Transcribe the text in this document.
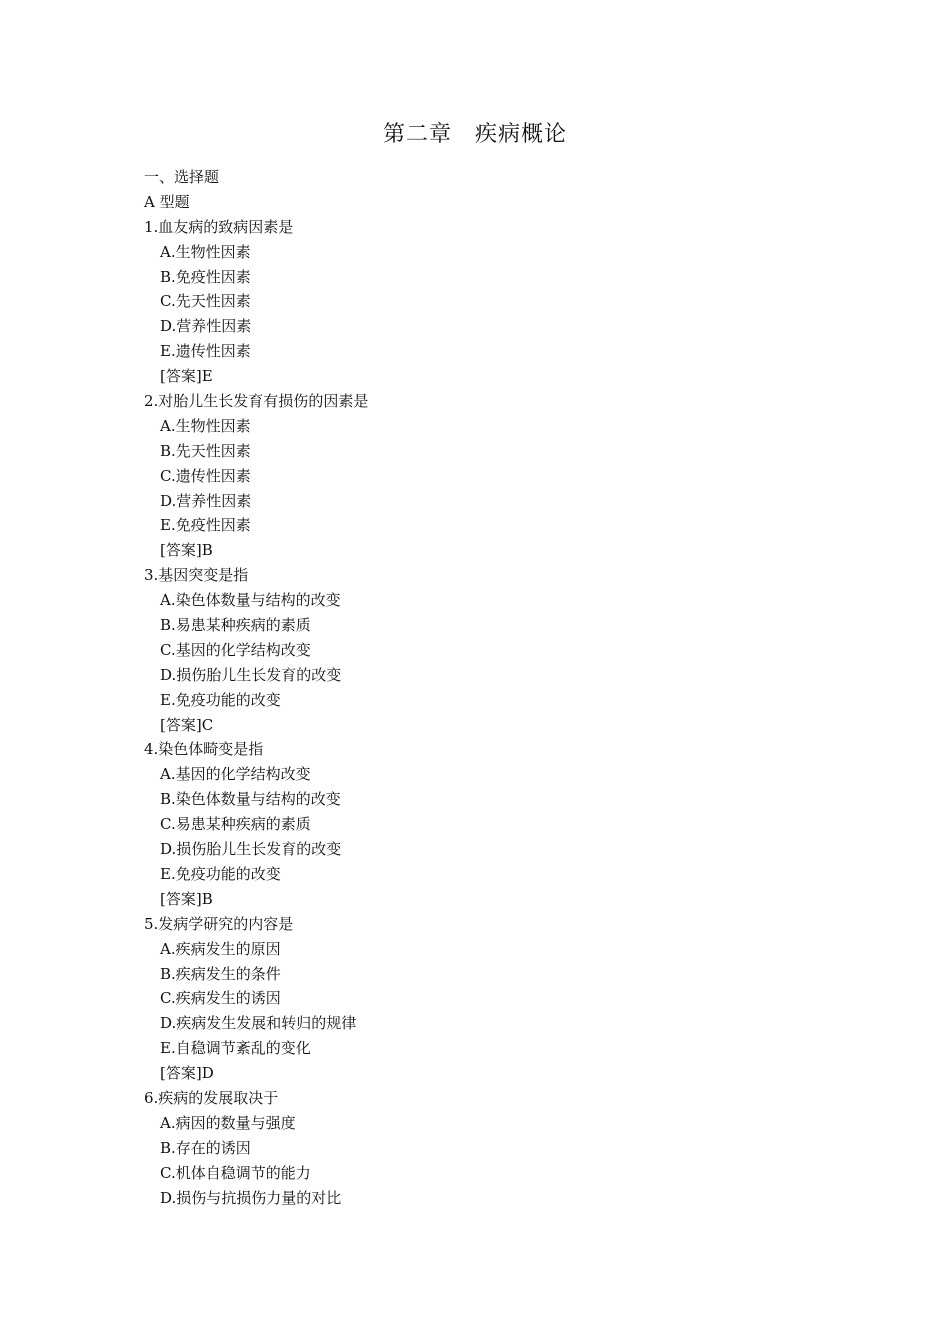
第二章　疾病概论
一、选择题
A 型题
1.血友病的致病因素是
A.生物性因素
B.免疫性因素
C.先天性因素
D.营养性因素
E.遗传性因素
[答案]E
2.对胎儿生长发育有损伤的因素是
A.生物性因素
B.先天性因素
C.遗传性因素
D.营养性因素
E.免疫性因素
[答案]B
3.基因突变是指
A.染色体数量与结构的改变
B.易患某种疾病的素质
C.基因的化学结构改变
D.损伤胎儿生长发育的改变
E.免疫功能的改变
[答案]C
4.染色体畸变是指
A.基因的化学结构改变
B.染色体数量与结构的改变
C.易患某种疾病的素质
D.损伤胎儿生长发育的改变
E.免疫功能的改变
[答案]B
5.发病学研究的内容是
A.疾病发生的原因
B.疾病发生的条件
C.疾病发生的诱因
D.疾病发生发展和转归的规律
E.自稳调节紊乱的变化
[答案]D
6.疾病的发展取决于
A.病因的数量与强度
B.存在的诱因
C.机体自稳调节的能力
D.损伤与抗损伤力量的对比
